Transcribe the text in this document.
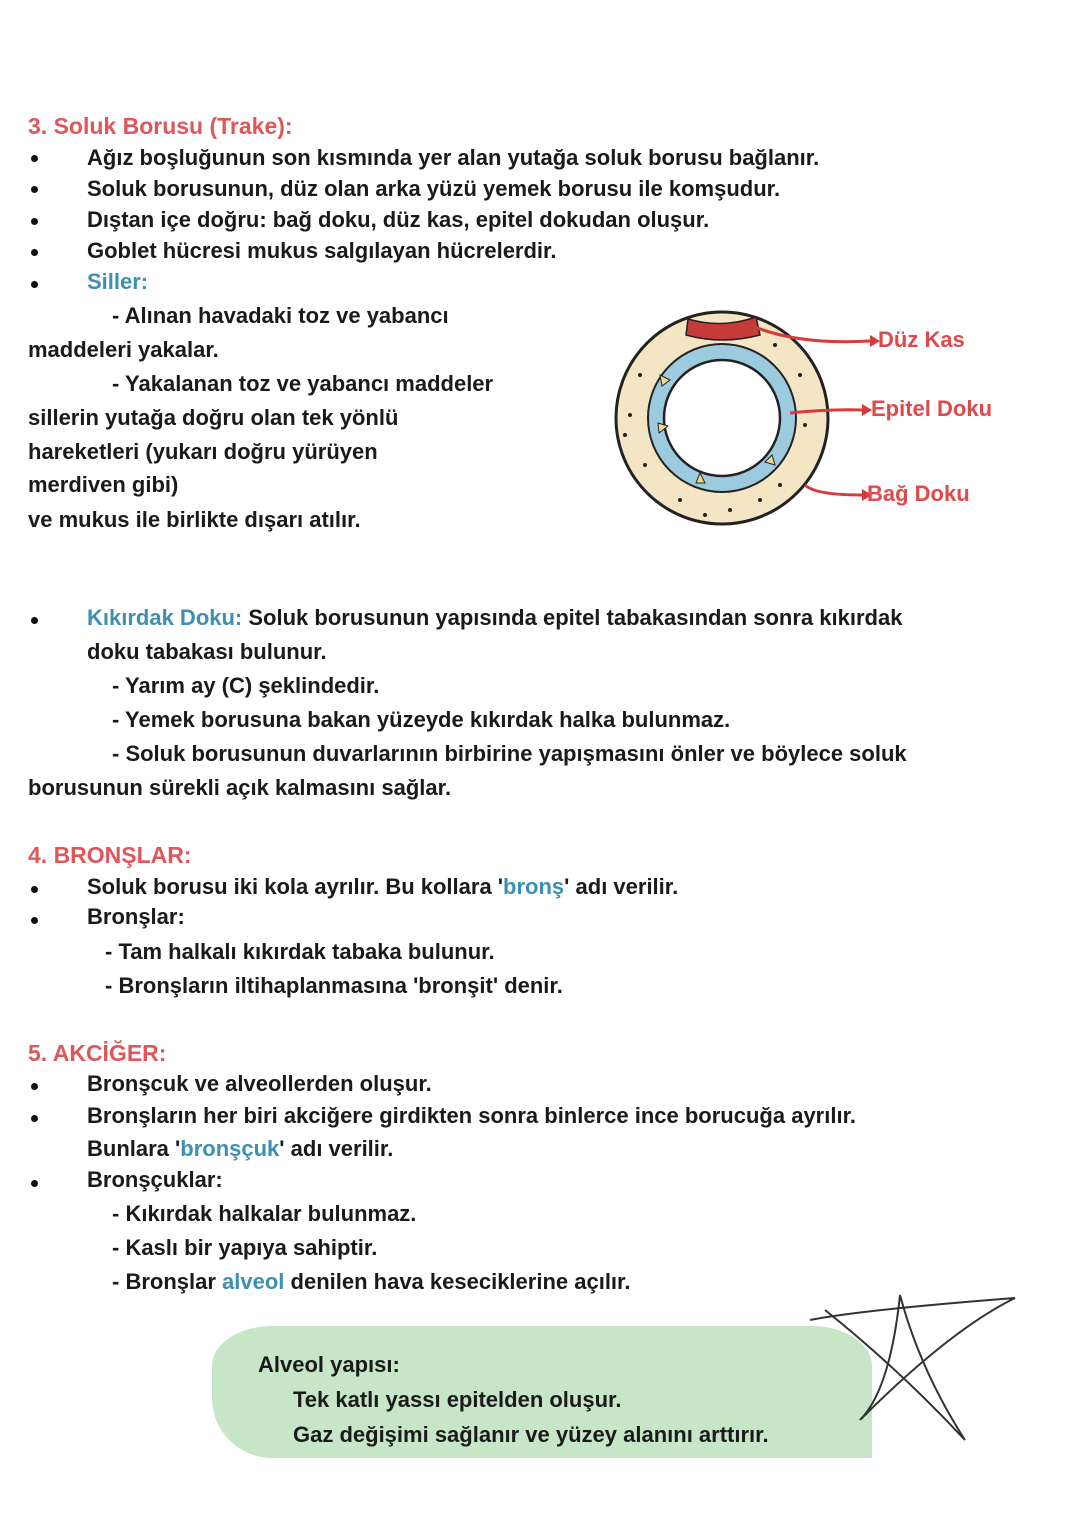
3. Soluk Borusu (Trake):
Ağız boşluğunun son kısmında yer alan yutağa soluk borusu bağlanır.
Soluk borusunun, düz olan arka yüzü yemek borusu ile komşudur.
Dıştan içe doğru: bağ doku, düz kas, epitel dokudan oluşur.
Goblet hücresi mukus salgılayan hücrelerdir.
Siller:
- Alınan havadaki toz ve yabancı
maddeleri yakalar.
- Yakalanan toz ve yabancı maddeler
sillerin yutağa doğru olan tek yönlü
hareketleri (yukarı doğru yürüyen
merdiven gibi)
ve mukus ile birlikte dışarı atılır.
Düz Kas
Epitel Doku
Bağ Doku
Kıkırdak Doku: Soluk borusunun yapısında epitel tabakasından sonra kıkırdak
doku tabakası bulunur.
- Yarım ay (C) şeklindedir.
- Yemek borusuna bakan yüzeyde kıkırdak halka bulunmaz.
- Soluk borusunun duvarlarının birbirine yapışmasını önler ve böylece soluk
borusunun sürekli açık kalmasını sağlar.
4. BRONŞLAR:
Soluk borusu iki kola ayrılır. Bu kollara 'bronş' adı verilir.
Bronşlar:
- Tam halkalı kıkırdak tabaka bulunur.
- Bronşların iltihaplanmasına 'bronşit' denir.
5. AKCİĞER:
Bronşcuk ve alveollerden oluşur.
Bronşların her biri akciğere girdikten sonra binlerce ince borucuğa ayrılır.
Bunlara 'bronşçuk' adı verilir.
Bronşçuklar:
- Kıkırdak halkalar bulunmaz.
- Kaslı bir yapıya sahiptir.
- Bronşlar alveol denilen hava keseciklerine açılır.
Alveol yapısı:
Tek katlı yassı epitelden oluşur.
Gaz değişimi sağlanır ve yüzey alanını arttırır.
